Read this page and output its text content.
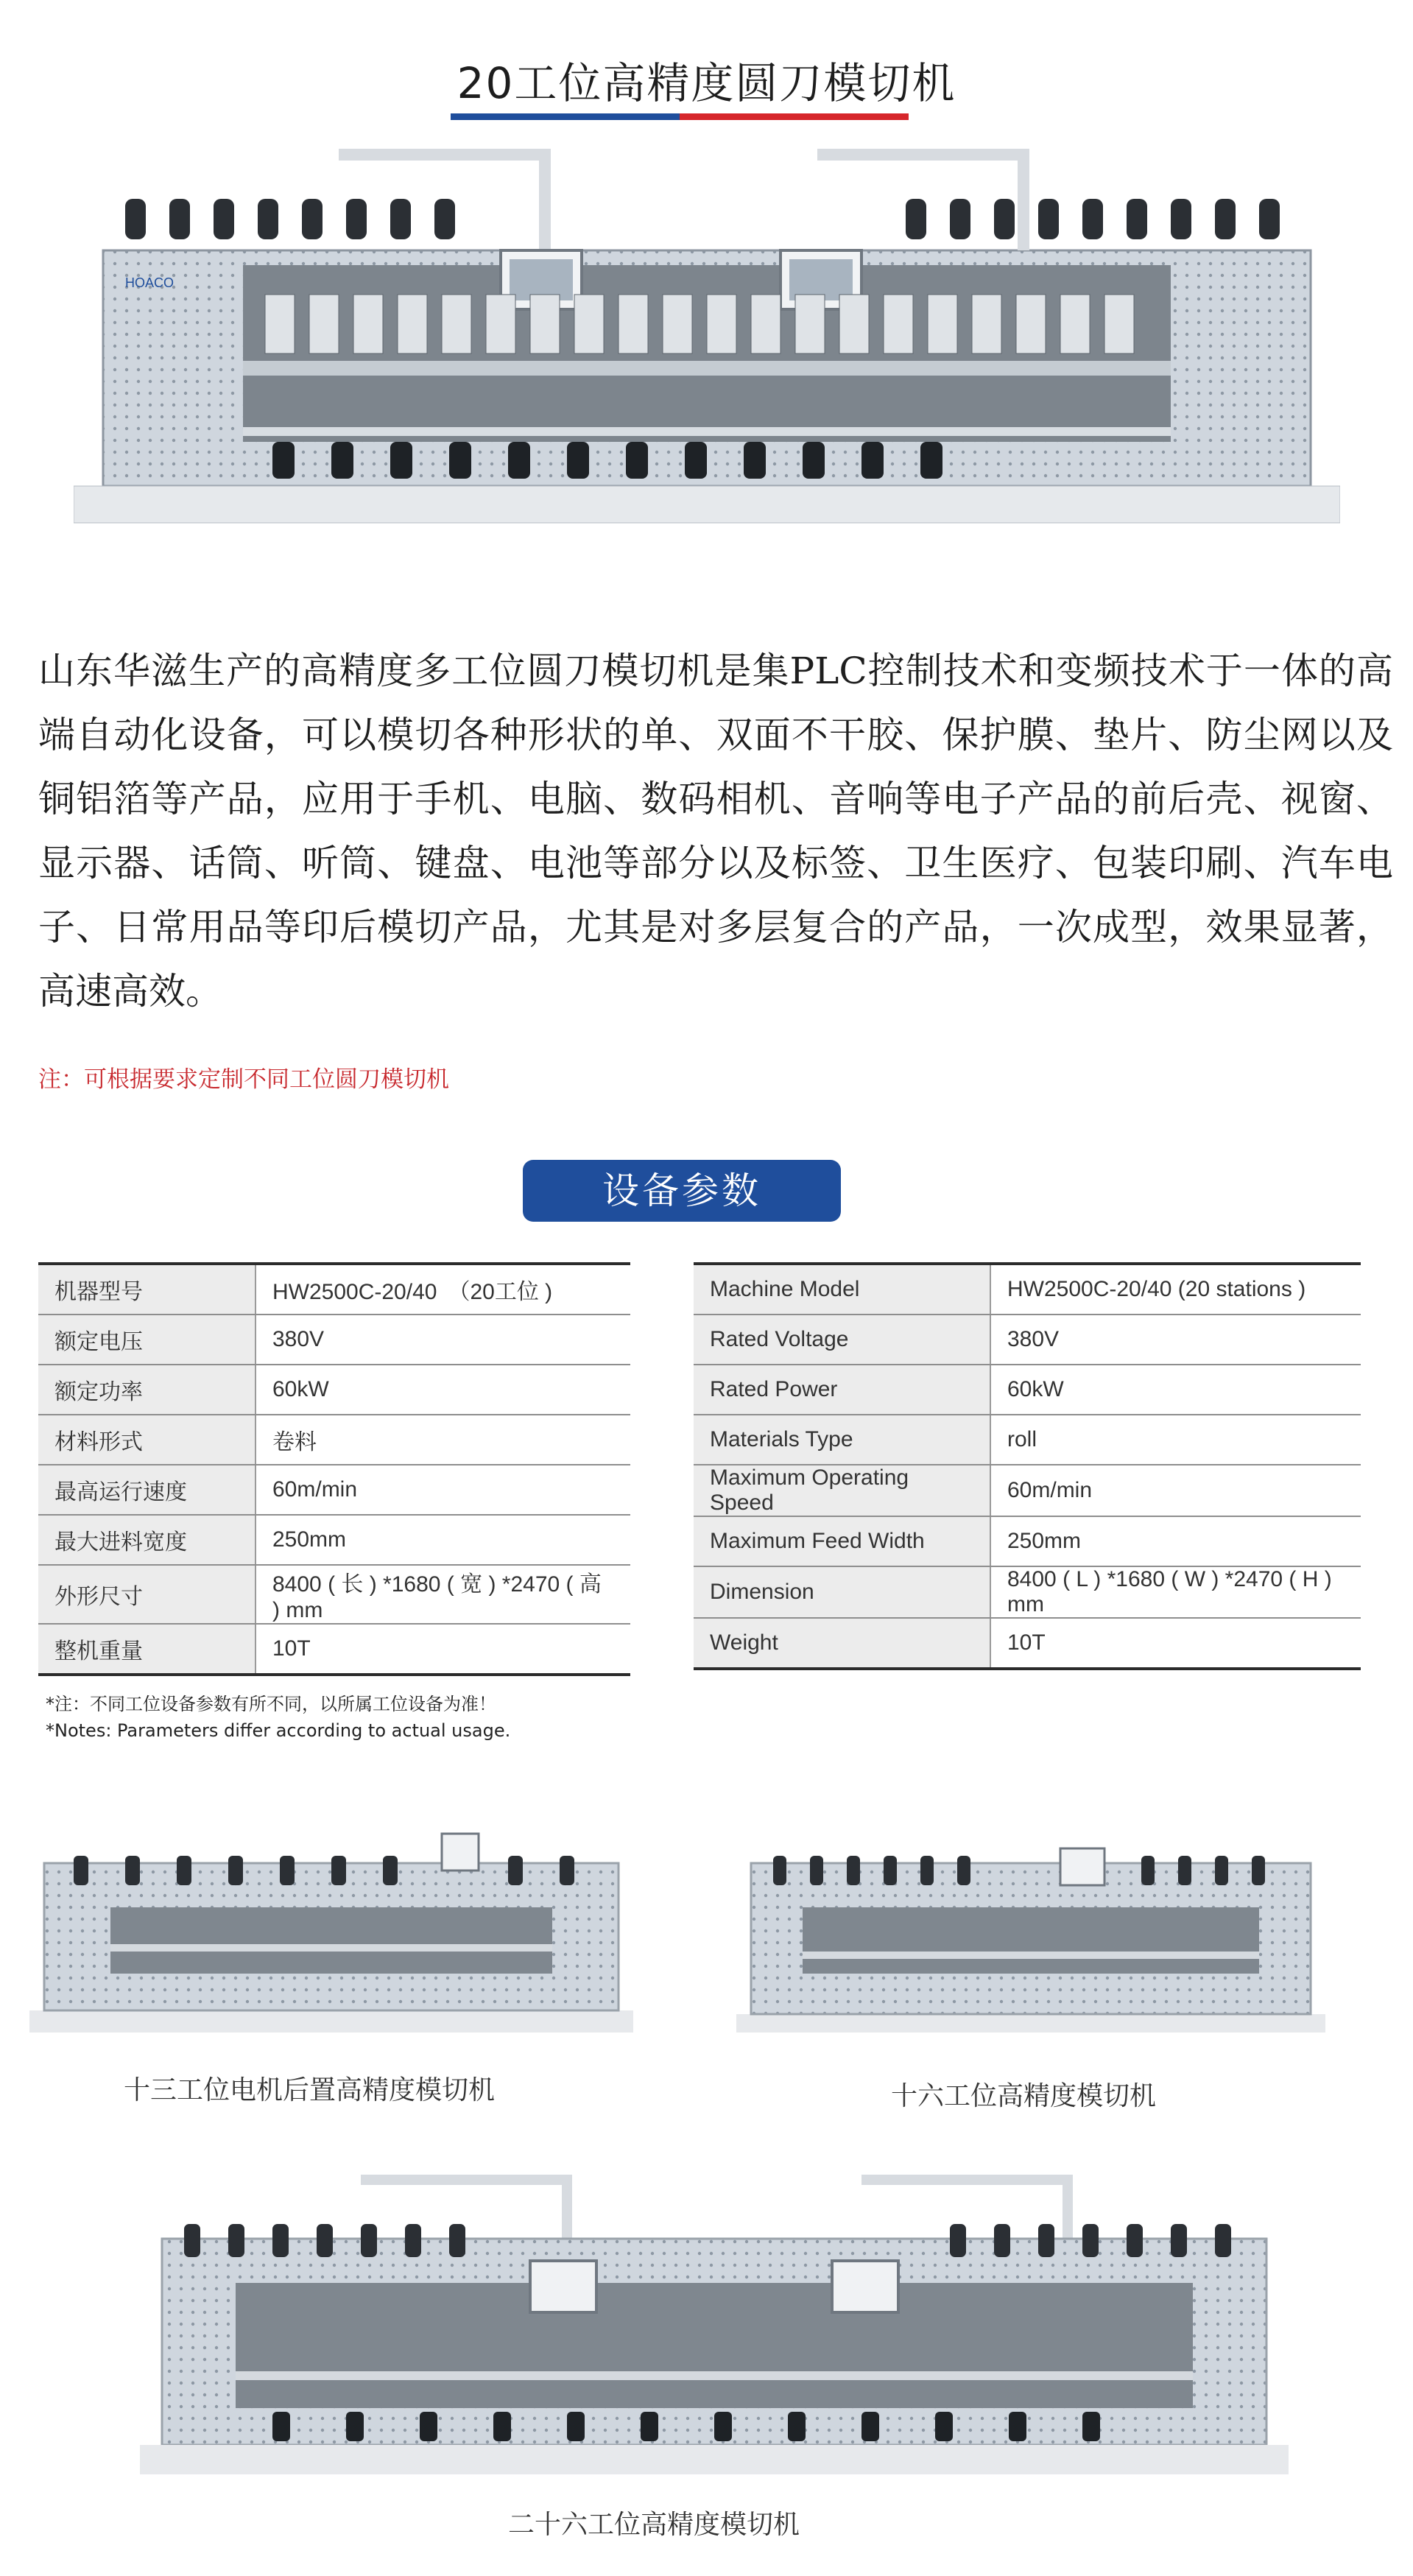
20工位高精度圆刀模切机
HOACO
山东华滋生产的高精度多工位圆刀模切机是集PLC控制技术和变频技术于一体的高端自动化设备，可以模切各种形状的单、双面不干胶、保护膜、垫片、防尘网以及铜铝箔等产品，应用于手机、电脑、数码相机、音响等电子产品的前后壳、视窗、显示器、话筒、听筒、键盘、电池等部分以及标签、卫生医疗、包装印刷、汽车电子、日常用品等印后模切产品，尤其是对多层复合的产品，一次成型，效果显著，高速高效。
注：可根据要求定制不同工位圆刀模切机
设备参数
机器型号	HW2500C-20/40　（20工位 )
额定电压	380V
额定功率	60kW
材料形式	卷料
最高运行速度	60m/min
最大进料宽度	250mm
外形尺寸	8400 ( 长 ) *1680 ( 宽 ) *2470 ( 高 ) mm
整机重量	10T
Machine Model	HW2500C-20/40 (20 stations )
Rated Voltage	380V
Rated Power	60kW
Materials Type	roll
Maximum Operating Speed	60m/min
Maximum Feed Width	250mm
Dimension	8400 ( L ) *1680 ( W ) *2470 ( H ) mm
Weight	10T
*注：不同工位设备参数有所不同，以所属工位设备为准！
*Notes: Parameters differ according to actual usage.
十三工位电机后置高精度模切机	十六工位高精度模切机
二十六工位高精度模切机
